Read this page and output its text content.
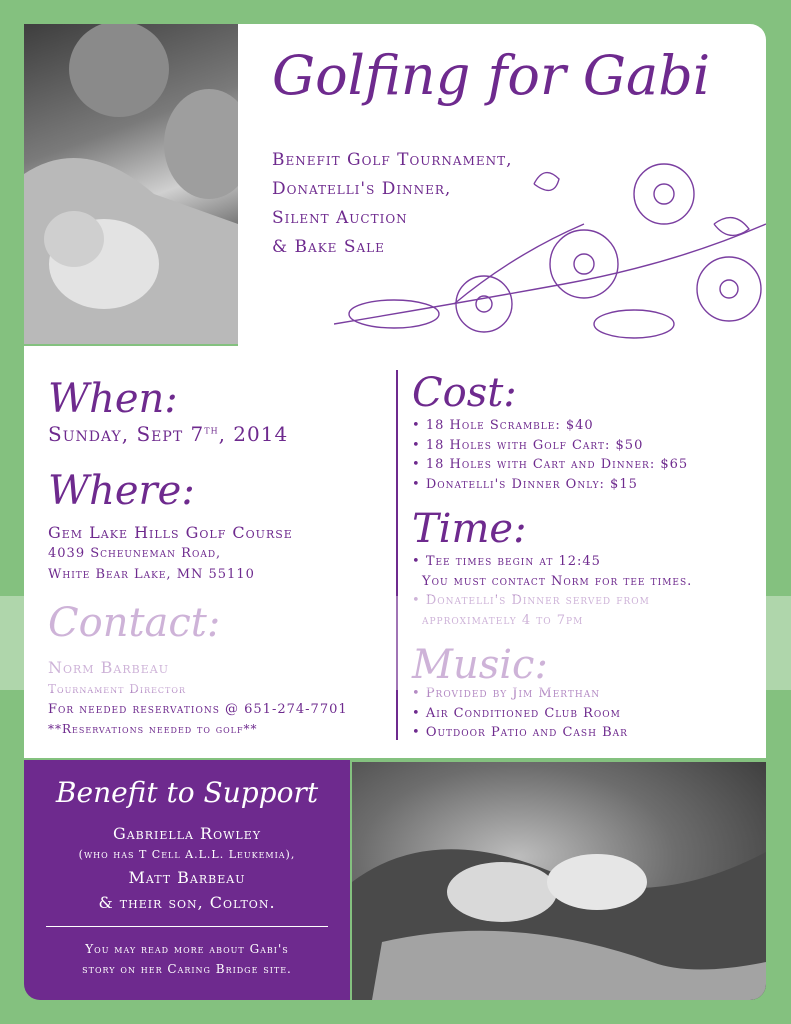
Golfing for Gabi
Benefit Golf Tournament,
Donatelli's Dinner,
Silent Auction
& Bake Sale
When:
Sunday, Sept 7th, 2014
Where:
Gem Lake Hills Golf Course
4039 Scheuneman Road,
White Bear Lake, MN 55110
Contact:
Norm Barbeau
Tournament Director
For needed reservations @ 651-274-7701
**Reservations needed to golf**
Cost:
• 18 Hole Scramble: $40
• 18 Holes with Golf Cart: $50
• 18 Holes with Cart and Dinner: $65
• Donatelli's Dinner Only: $15
Time:
• Tee times begin at 12:45
You must contact Norm for tee times.
• Donatelli's Dinner served from
approximately 4 to 7pm
Music:
• Provided by Jim Merthan
• Air Conditioned Club Room
• Outdoor Patio and Cash Bar
Benefit to Support
Gabriella Rowley
(who has T Cell A.L.L. Leukemia),
Matt Barbeau
& their son, Colton.
You may read more about Gabi's
story on her Caring Bridge site.
